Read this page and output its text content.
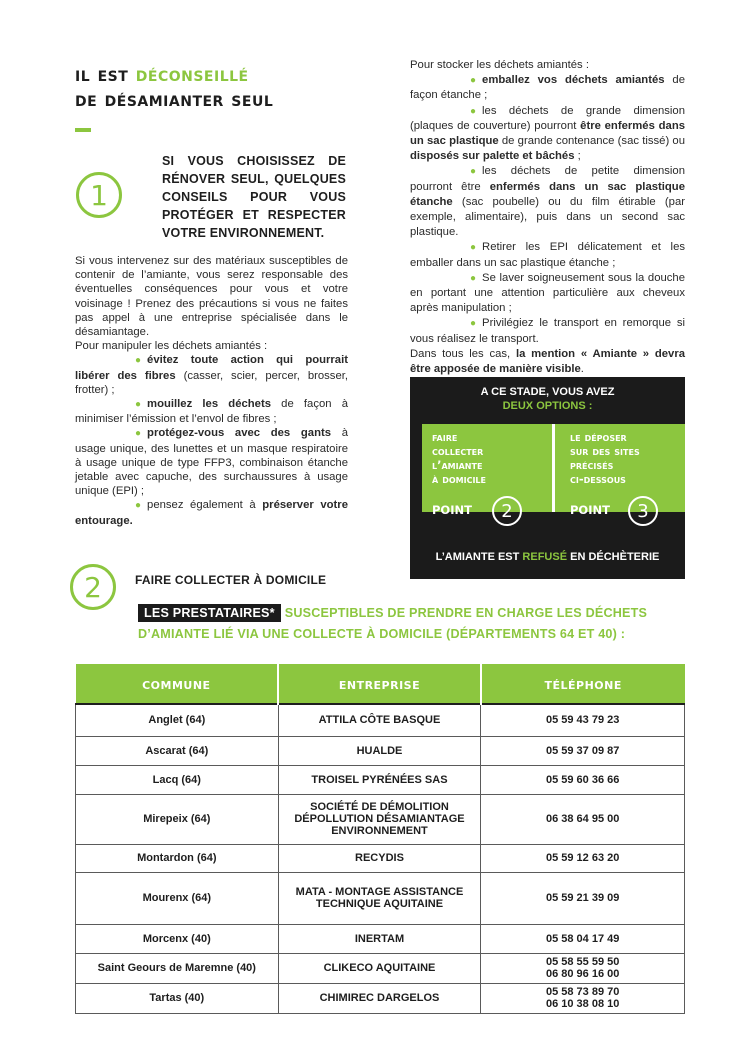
il est déconseillé
de désamianter seul
1
SI VOUS CHOISISSEZ DE RÉNOVER SEUL, QUELQUES CONSEILS POUR VOUS PROTÉGER ET RESPECTER VOTRE ENVIRONNEMENT.

Si vous intervenez sur des matériaux susceptibles de contenir de l’amiante, vous serez responsable des éventuelles conséquences pour vous et votre voisinage ! Prenez des précautions si vous ne faites pas appel à une entreprise spécialisée dans le désamiantage.

Pour manipuler les déchets amiantés :

● évitez toute action qui pourrait libérer des fibres (casser, scier, percer, brosser, frotter) ;

● mouillez les déchets de façon à minimiser l’émission et l’envol de fibres ;

● protégez-vous avec des gants à usage unique, des lunettes et un masque respiratoire à usage unique de type FFP3, combinaison étanche jetable avec capuche, des surchaussures à usage unique (EPI) ;

● pensez également à préserver votre entourage.

Pour stocker les déchets amiantés :

● emballez vos déchets amiantés de façon étanche ;

● les déchets de grande dimension (plaques de couverture) pourront être enfermés dans un sac plastique de grande contenance (sac tissé) ou disposés sur palette et bâchés ;

● les déchets de petite dimension pourront être enfermés dans un sac plastique étanche (sac poubelle) ou du film étirable (par exemple, alimentaire), puis dans un second sac plastique.

● Retirer les EPI délicatement et les emballer dans un sac plastique étanche ;

● Se laver soigneusement sous la douche en portant une attention particulière aux cheveux après manipulation ;

● Privilégiez le transport en remorque si vous réalisez le transport.

Dans tous les cas, la mention « Amiante » devra être apposée de manière visible.

A CE STADE, VOUS AVEZ
DEUX OPTIONS :
faire
collecter
l’amiante
à domicile
le déposer
sur des sites
précisés
ci-dessous
POINT 2	POINT 3
L’AMIANTE EST REFUSÉ EN DÉCHÈTERIE
2	FAIRE COLLECTER À DOMICILE
LES PRESTATAIRES* SUSCEPTIBLES DE PRENDRE EN CHARGE LES DÉCHETS D’AMIANTE LIÉ VIA UNE COLLECTE À DOMICILE (DÉPARTEMENTS 64 ET 40) :
commune	entreprise	téléphone
Anglet (64)	ATTILA CÔTE BASQUE	05 59 43 79 23
Ascarat (64)	HUALDE	05 59 37 09 87
Lacq (64)	TROISEL PYRÉNÉES SAS	05 59 60 36 66
Mirepeix (64)	SOCIÉTÉ DE DÉMOLITION DÉPOLLUTION DÉSAMIANTAGE ENVIRONNEMENT	06 38 64 95 00
Montardon (64)	RECYDIS	05 59 12 63 20
Mourenx (64)	MATA - MONTAGE ASSISTANCE TECHNIQUE AQUITAINE	05 59 21 39 09
Morcenx (40)	INERTAM	05 58 04 17 49
Saint Geours de Maremne (40)	CLIKECO AQUITAINE	05 58 55 59 50
06 80 96 16 00
Tartas (40)	CHIMIREC DARGELOS	05 58 73 89 70
06 10 38 08 10
